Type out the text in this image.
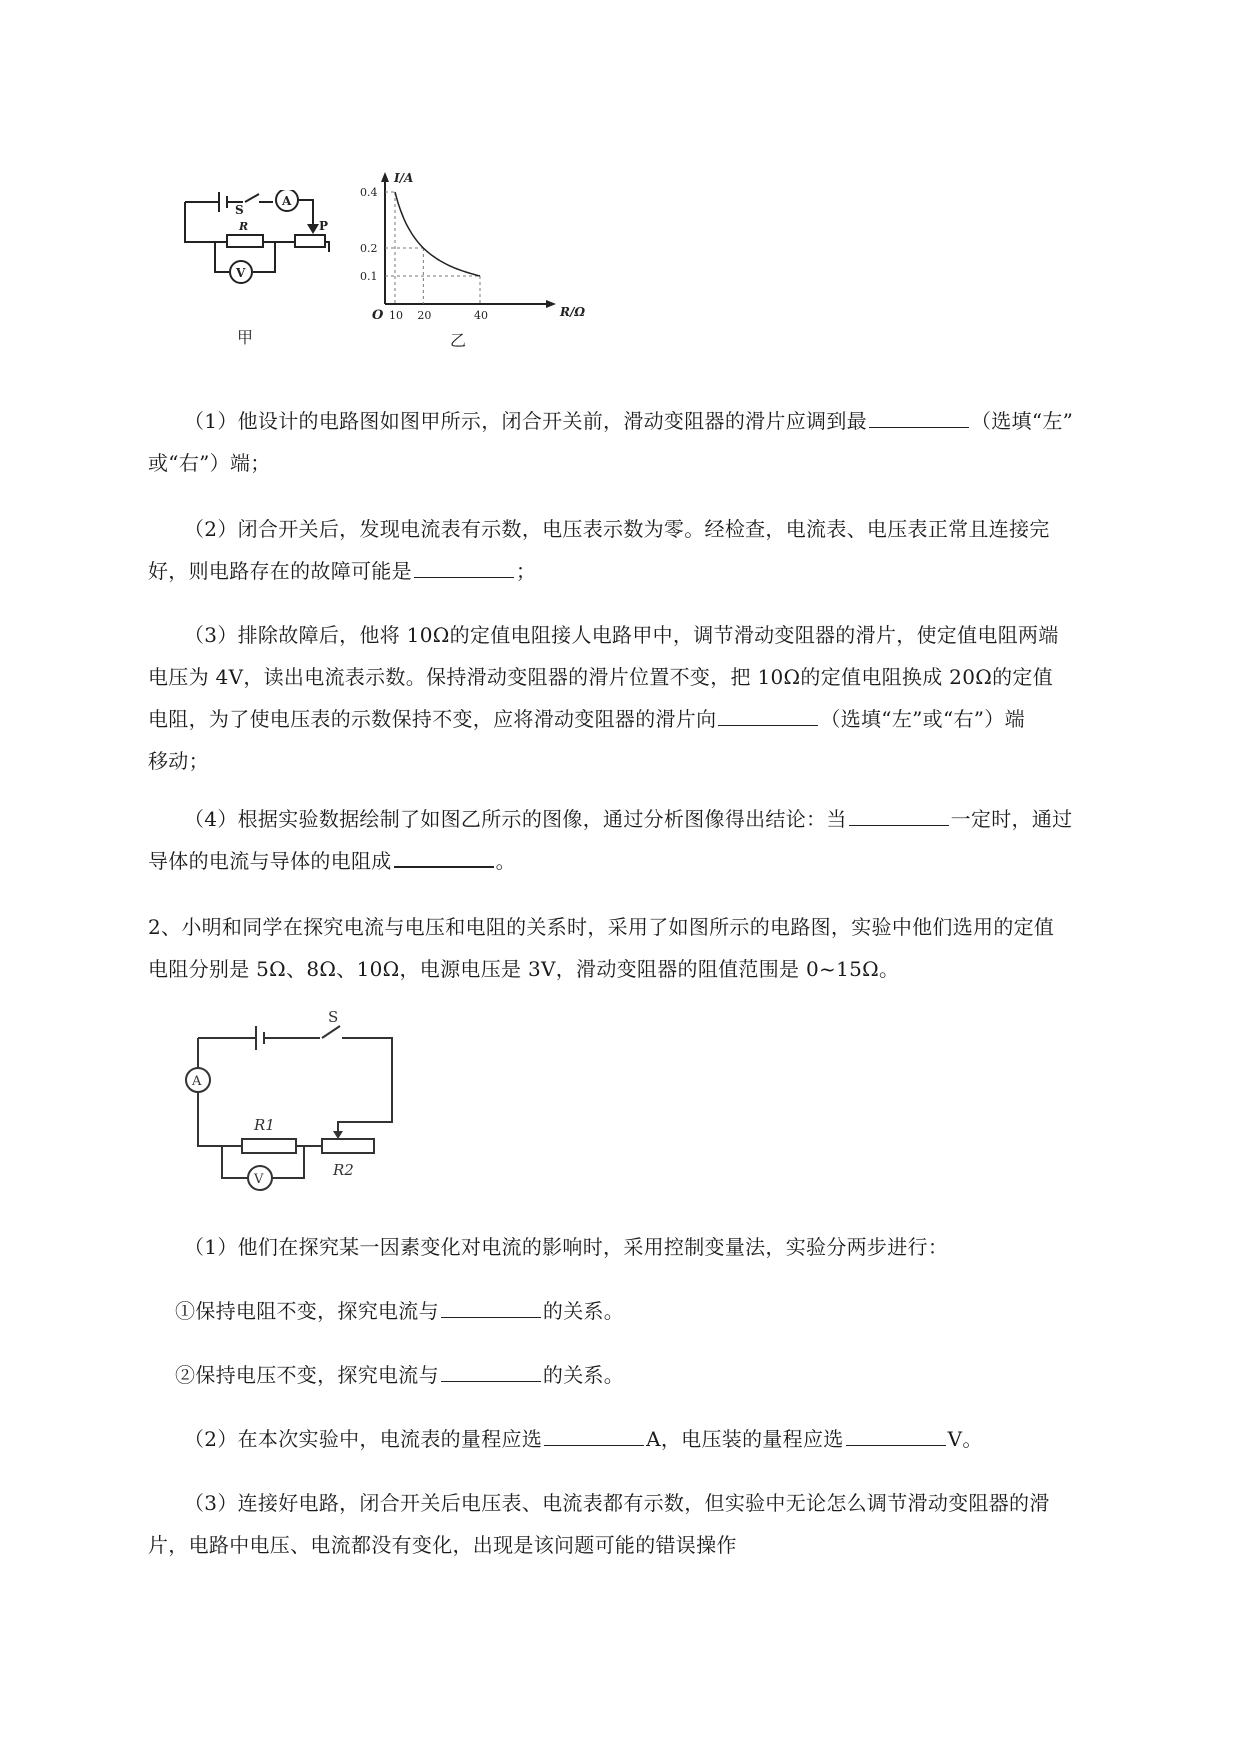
S
A
R	P
V
甲
0.4
0.2
0.1
10 20	40
I/A
R/Ω
O
乙
（1）他设计的电路图如图甲所示，闭合开关前，滑动变阻器的滑片应调到最	（选填“左”
或“右”）端；
（2）闭合开关后，发现电流表有示数，电压表示数为零。经检查，电流表、电压表正常且连接完
好，则电路存在的故障可能是	；
（3）排除故障后，他将 10Ω的定值电阻接人电路甲中，调节滑动变阻器的滑片，使定值电阻两端
电压为 4V，读出电流表示数。保持滑动变阻器的滑片位置不变，把 10Ω的定值电阻换成 20Ω的定值
电阻，为了使电压表的示数保持不变，应将滑动变阻器的滑片向	（选填“左”或“右”）端
移动；
（4）根据实验数据绘制了如图乙所示的图像，通过分析图像得出结论：当	一定时，通过
导体的电流与导体的电阻成	。
2、小明和同学在探究电流与电压和电阻的关系时，采用了如图所示的电路图，实验中他们选用的定值
电阻分别是 5Ω、8Ω、10Ω，电源电压是 3V，滑动变阻器的阻值范围是 0~15Ω。
S
A
R1
R2
V
（1）他们在探究某一因素变化对电流的影响时，采用控制变量法，实验分两步进行：
①保持电阻不变，探究电流与	的关系。
②保持电压不变，探究电流与	的关系。
（2）在本次实验中，电流表的量程应选	A，电压装的量程应选	V。
（3）连接好电路，闭合开关后电压表、电流表都有示数，但实验中无论怎么调节滑动变阻器的滑
片，电路中电压、电流都没有变化，出现是该问题可能的错误操作
